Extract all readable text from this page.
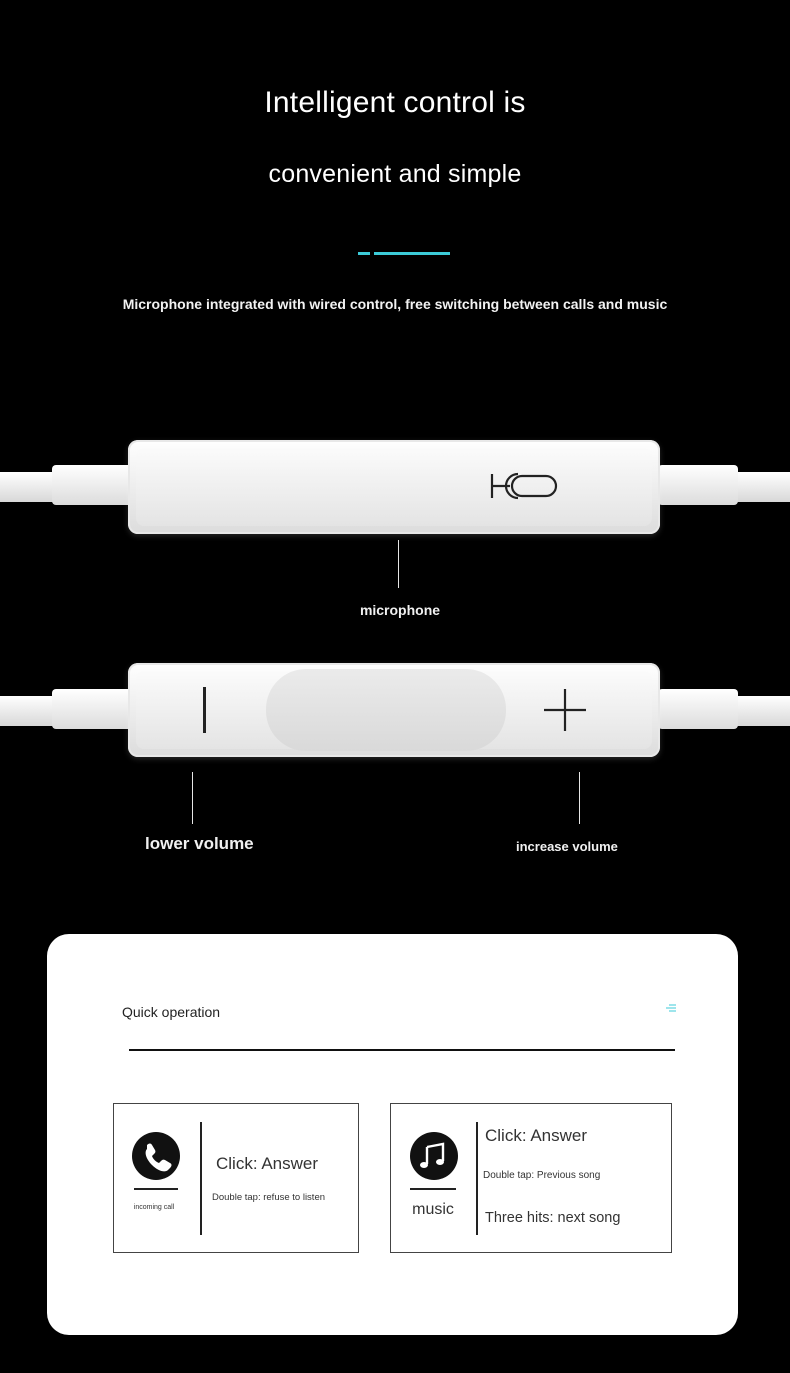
Intelligent control is
convenient and simple
Microphone integrated with wired control, free switching between calls and music
microphone
lower volume	increase volume
Quick operation
incoming call
Click: Answer
Double tap: refuse to listen
music
Click: Answer
Double tap: Previous song
Three hits: next song
